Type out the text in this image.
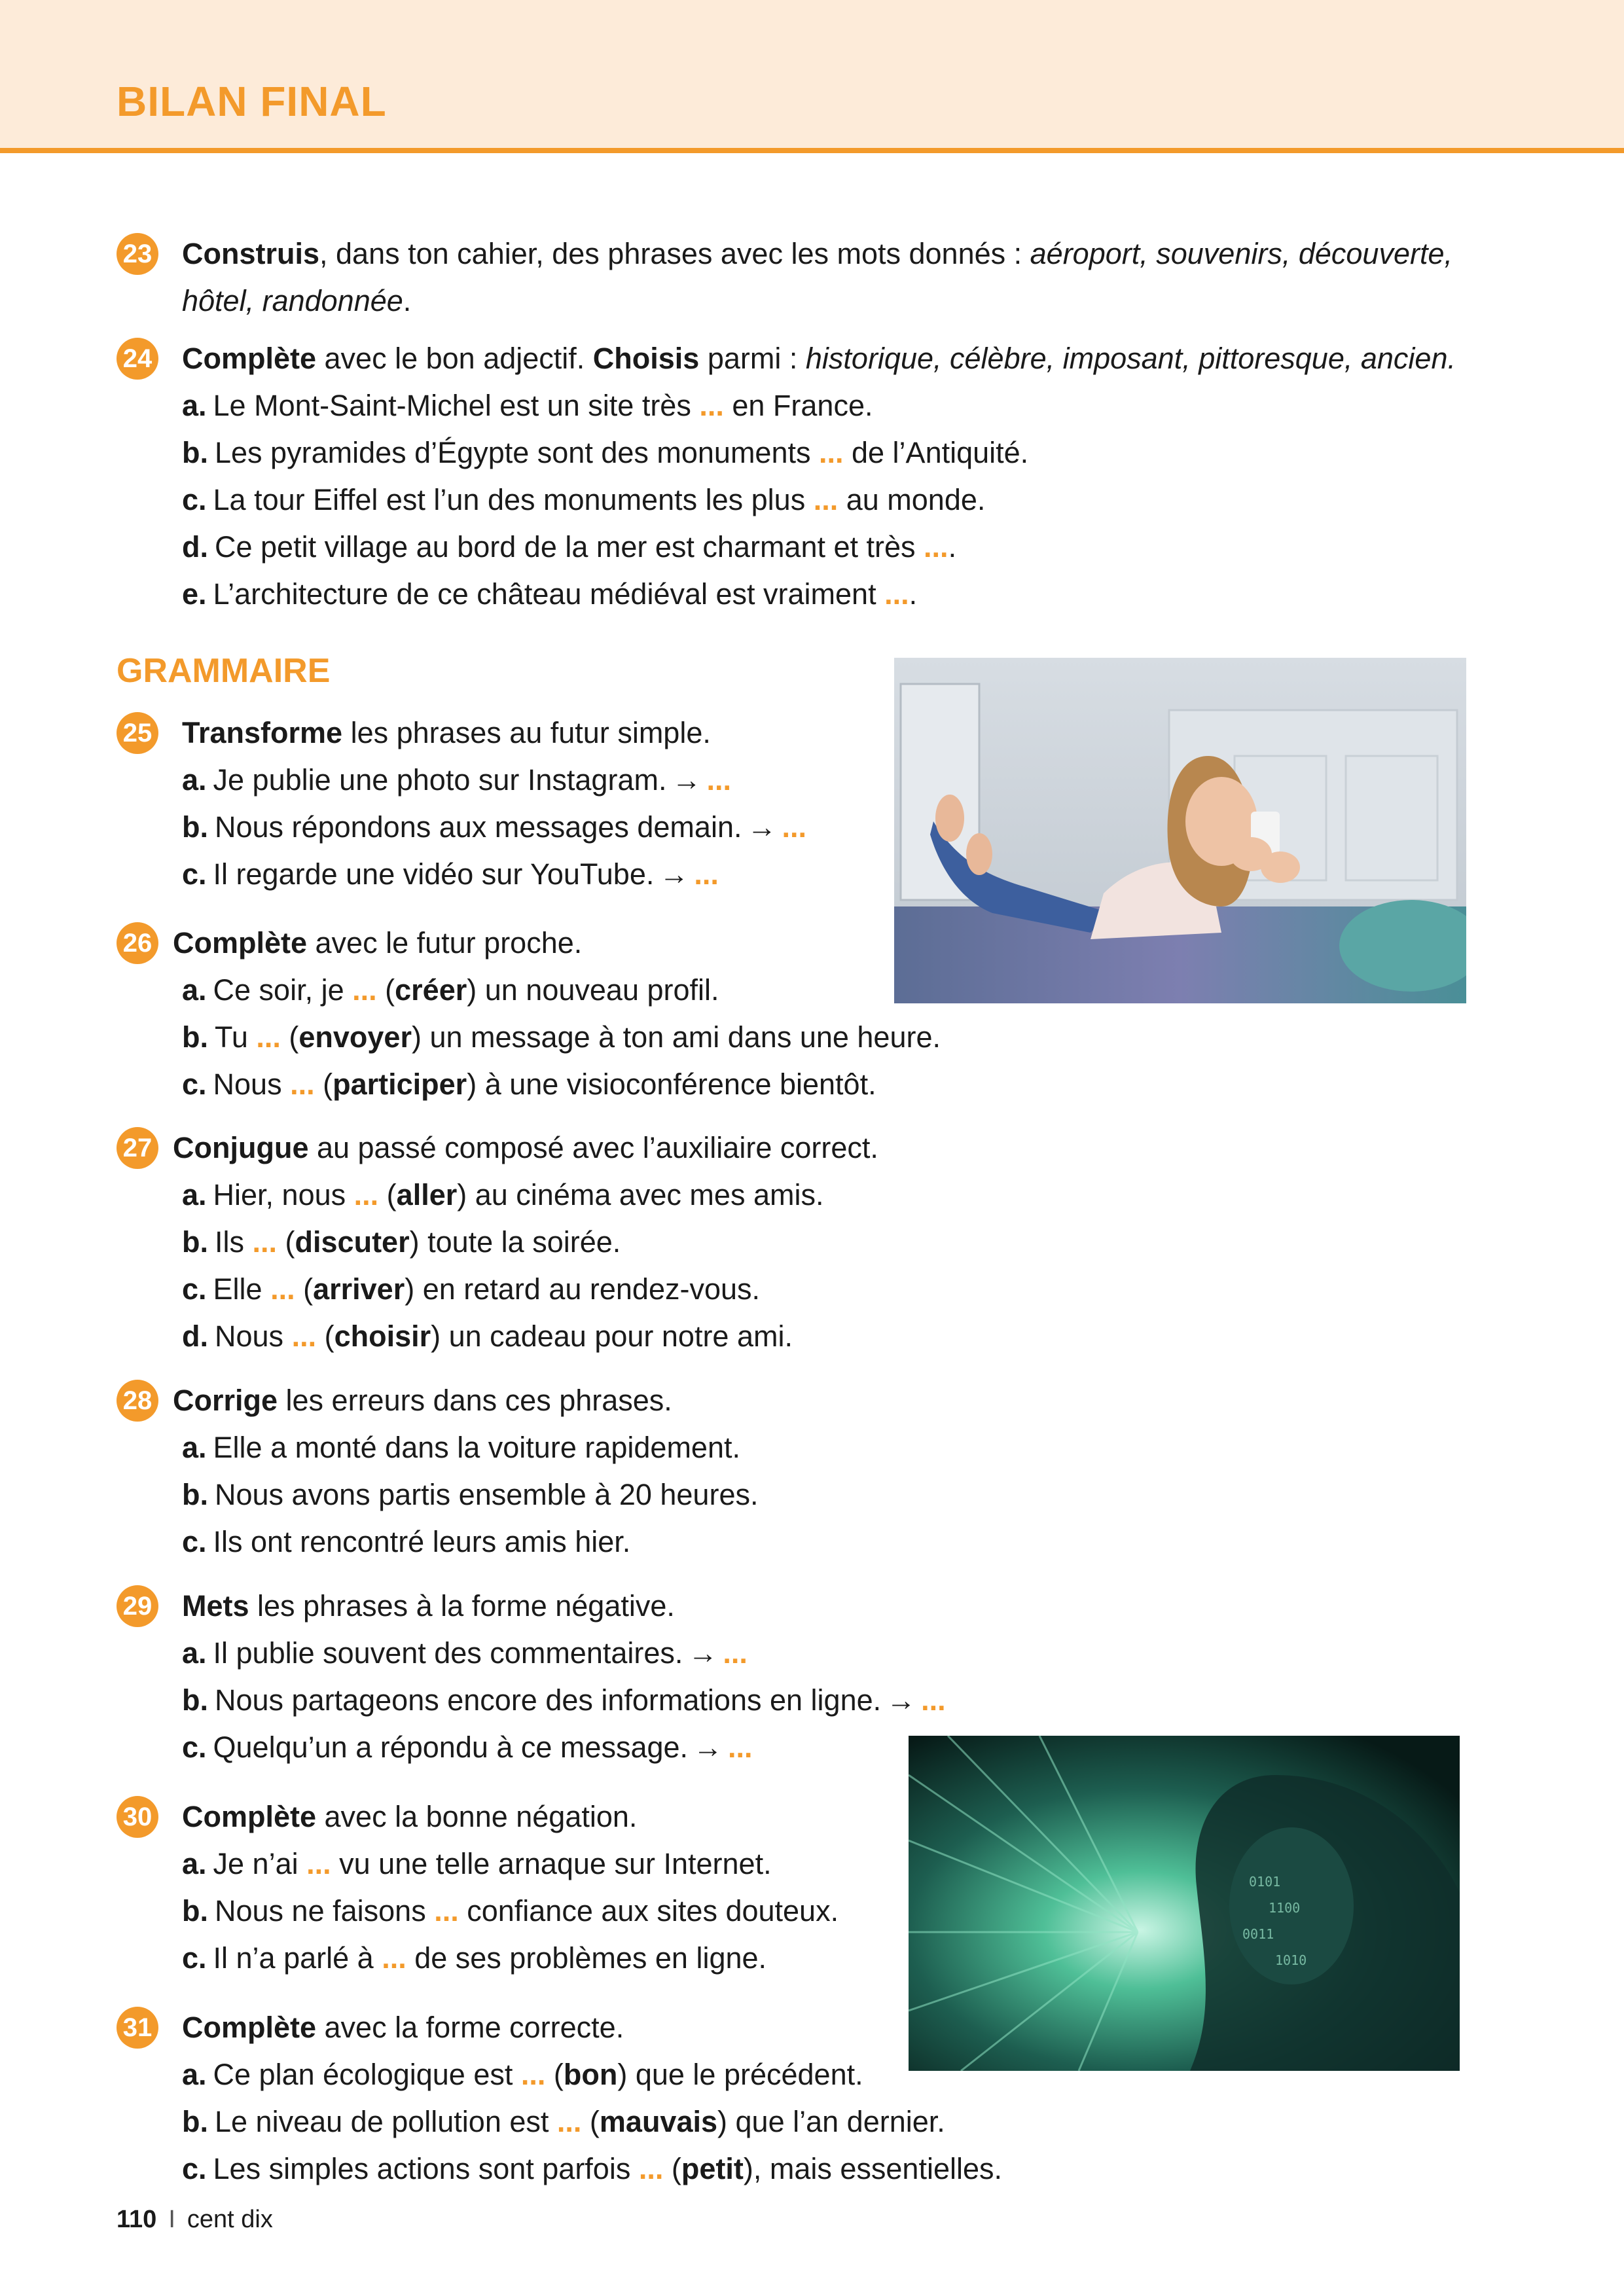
BILAN FINAL
23 Construis, dans ton cahier, des phrases avec les mots donnés : aéroport, souvenirs, découverte,
hôtel, randonnée.
24 Complète avec le bon adjectif. Choisis parmi : historique, célèbre, imposant, pittoresque, ancien.
a. Le Mont-Saint-Michel est un site très ... en France.
b. Les pyramides d’Égypte sont des monuments ... de l’Antiquité.
c. La tour Eiffel est l’un des monuments les plus ... au monde.
d. Ce petit village au bord de la mer est charmant et très ....
e. L’architecture de ce château médiéval est vraiment ....
GRAMMAIRE
25 Transforme les phrases au futur simple.
a. Je publie une photo sur Instagram. → ...
b. Nous répondons aux messages demain. → ...
c. Il regarde une vidéo sur YouTube. → ...
26 Complète avec le futur proche.
a. Ce soir, je ... (créer) un nouveau profil.
b. Tu ... (envoyer) un message à ton ami dans une heure.
c. Nous ... (participer) à une visioconférence bientôt.
27 Conjugue au passé composé avec l’auxiliaire correct.
a. Hier, nous ... (aller) au cinéma avec mes amis.
b. Ils ... (discuter) toute la soirée.
c. Elle ... (arriver) en retard au rendez-vous.
d. Nous ... (choisir) un cadeau pour notre ami.
28 Corrige les erreurs dans ces phrases.
a. Elle a monté dans la voiture rapidement.
b. Nous avons partis ensemble à 20 heures.
c. Ils ont rencontré leurs amis hier.
29 Mets les phrases à la forme négative.
a. Il publie souvent des commentaires. → ...
b. Nous partageons encore des informations en ligne. → ...
c. Quelqu’un a répondu à ce message. → ...
0101
1100
0011
1010
30 Complète avec la bonne négation.
a. Je n’ai ... vu une telle arnaque sur Internet.
b. Nous ne faisons ... confiance aux sites douteux.
c. Il n’a parlé à ... de ses problèmes en ligne.
31 Complète avec la forme correcte.
a. Ce plan écologique est ... (bon) que le précédent.
b. Le niveau de pollution est ... (mauvais) que l’an dernier.
c. Les simples actions sont parfois ... (petit), mais essentielles.
110 I cent dix
